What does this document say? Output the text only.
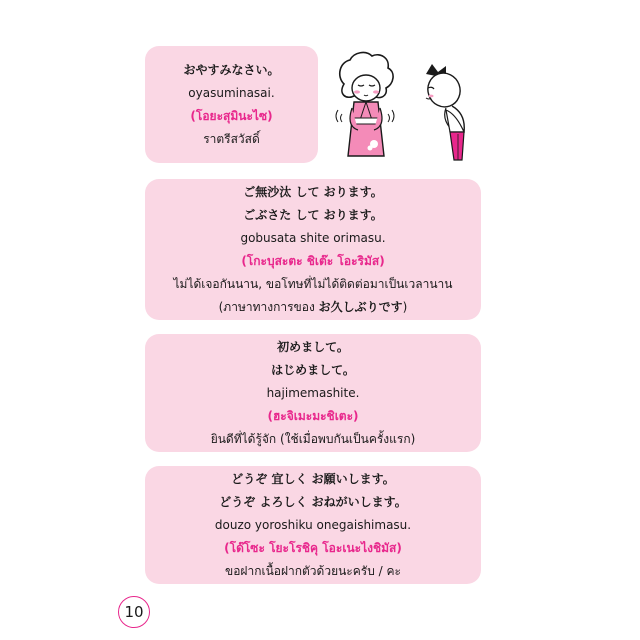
おやすみなさい。
oyasuminasai.
(โอยะสุมินะไซ)
ราตรีสวัสดิ์
ご無沙汰 して おります。
ごぶさた して おります。
gobusata shite orimasu.
(โกะบุสะตะ ชิเต๊ะ โอะริมัส)
ไม่ได้เจอกันนาน, ขอโทษที่ไม่ได้ติดต่อมาเป็นเวลานาน
(ภาษาทางการของ お久しぶりです)
初めまして。
はじめまして。
hajimemashite.
(ฮะจิเมะมะชิเตะ)
ยินดีที่ได้รู้จัก (ใช้เมื่อพบกันเป็นครั้งแรก)
どうぞ 宜しく お願いします。
どうぞ よろしく おねがいします。
douzo yoroshiku onegaishimasu.
(โด๊โซะ โยะโรชิคุ โอะเนะไงชิมัส)
ขอฝากเนื้อฝากตัวด้วยนะครับ / คะ
10
